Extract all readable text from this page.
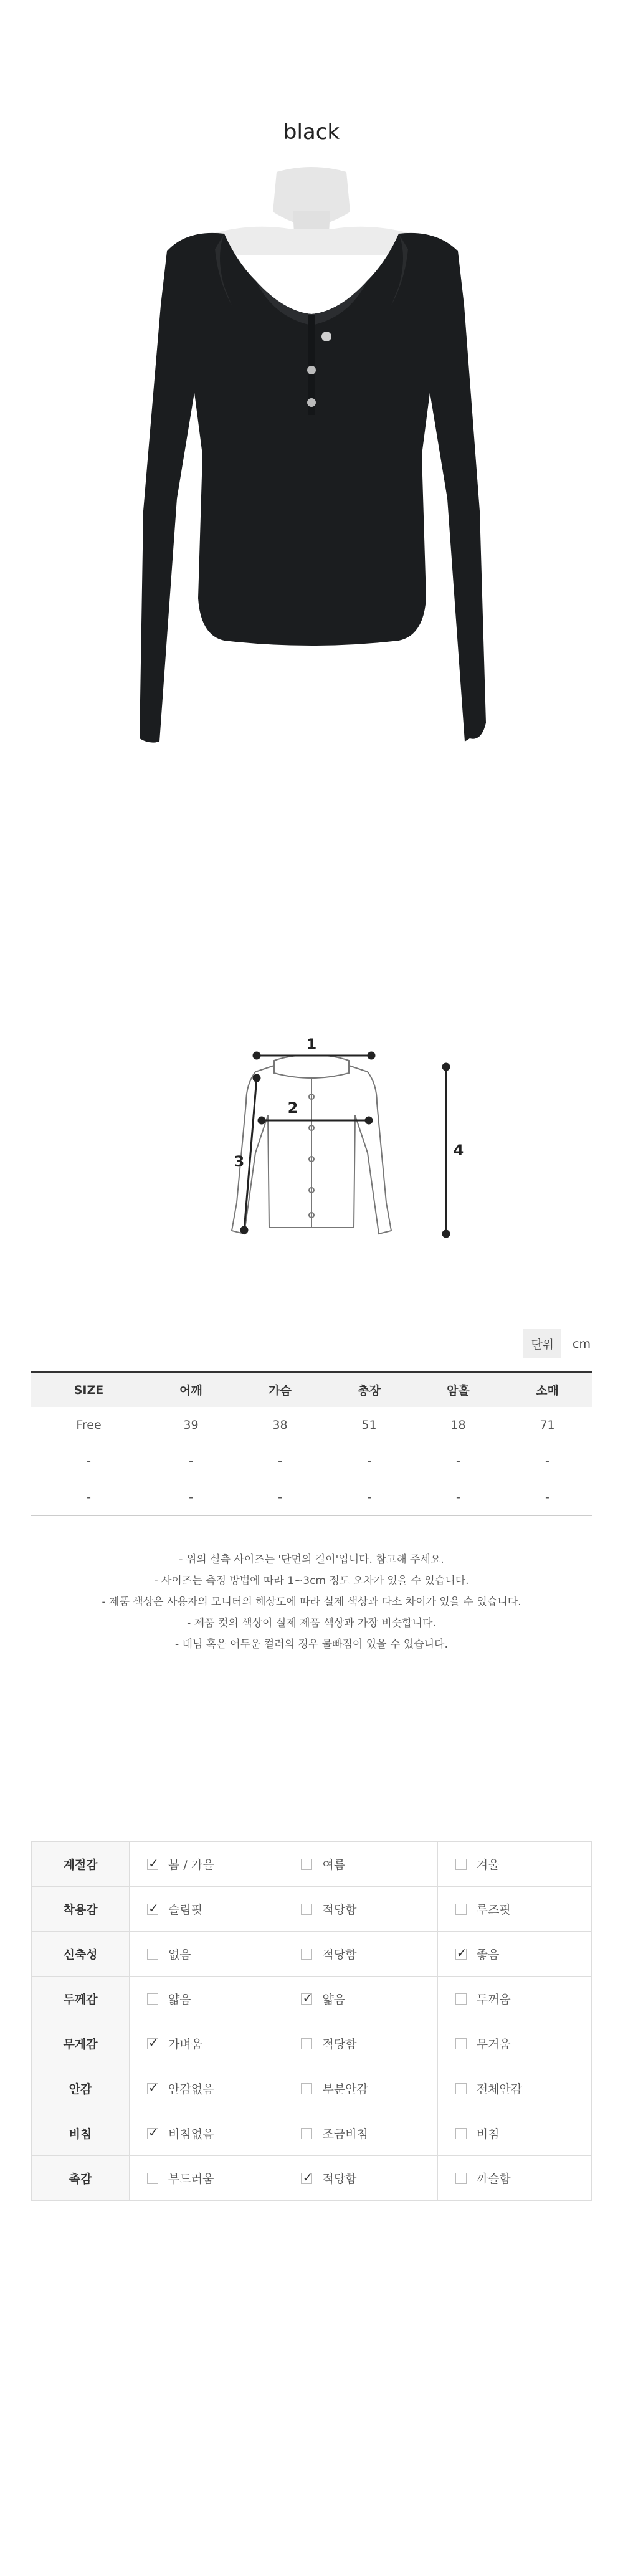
black
1
2
3
4
단위	cm
SIZE	어깨	가슴	총장	암홀	소매
Free	39	38	51	18	71
-	-	-	-	-	-
-	-	-	-	-	-
- 위의 실측 사이즈는 '단면의 길이'입니다. 참고해 주세요.
- 사이즈는 측정 방법에 따라 1~3cm 정도 오차가 있을 수 있습니다.
- 제품 색상은 사용자의 모니터의 해상도에 따라 실제 색상과 다소 차이가 있을 수 있습니다.
- 제품 컷의 색상이 실제 제품 색상과 가장 비슷합니다.
- 데님 혹은 어두운 컬러의 경우 물빠짐이 있을 수 있습니다.
계절감	✓봄 / 가을	여름	겨울
착용감	✓슬림핏	적당함	루즈핏
신축성	없음	적당함	✓좋음
두께감	얇음	✓얇음	두꺼움
무게감	✓가벼움	적당함	무거움
안감	✓안감없음	부분안감	전체안감
비침	✓비침없음	조금비침	비침
촉감	부드러움	✓적당함	까슬함
